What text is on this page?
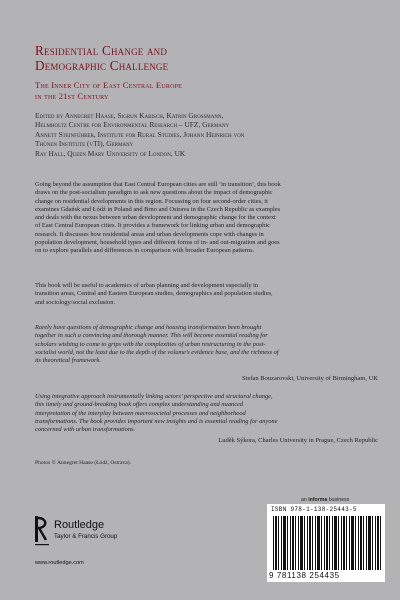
Residential Change and
Demographic Challenge
The Inner City of East Central Europe
in the 21st Century
Edited by Annegret Haase, Sigrun Kabisch, Katrin Grossmann,
Helmholtz Centre for Environmental Research – UFZ, Germany
Annett Steinführer, Institute for Rural Studies, Johann Heinrich von
Thünen Institute (vTI), Germany
Ray Hall, Queen Mary University of London, UK
Going beyond the assumption that East Central European cities are still ‘in transition’, this book
draws on the post-socialism paradigm to ask new questions about the impact of demographic
change on residential developments in this region. Focussing on four second-order cities, it
examines Gdańsk and Łódź in Poland and Brno and Ostrava in the Czech Republic as examples
and deals with the nexus between urban development and demographic change for the context
of East Central European cities. It provides a framework for linking urban and demographic
research. It discusses how residential areas and urban developments cope with changes in
population development, household types and different forms of in- and out-migration and goes
on to explore parallels and differences in comparison with broader European patterns.
This book will be useful to academics of urban planning and development especially in
transition areas, Central and Eastern European studies, demographics and population studies,
and sociology/social exclusion.
Rarely have questions of demographic change and housing transformation been brought
together in such a convincing and thorough manner. This will become essential reading for
scholars wishing to come to grips with the complexities of urban restructuring in the post-
socialist world, not the least due to the depth of the volume’s evidence base, and the richness of
its theoretical framework.
Stefan Bouzarovski, University of Birmingham, UK
Using integrative approach instrumentally linking actors’ perspective and structural change,
this timely and ground-breaking book offers complex understanding and nuanced
interpretation of the interplay between macrosocietal processes and neighborhood
transformations. The book provides important new insights and is essential reading for anyone
concerned with urban transformations.
Luděk Sýkora, Charles University in Prague, Czech Republic
Photos © Annegret Haase (Łódź, Ostrava).
an informa business
ISBN 978-1-138-25443-5
9 781138 254435
Routledge
Taylor & Francis Group
www.routledge.com
